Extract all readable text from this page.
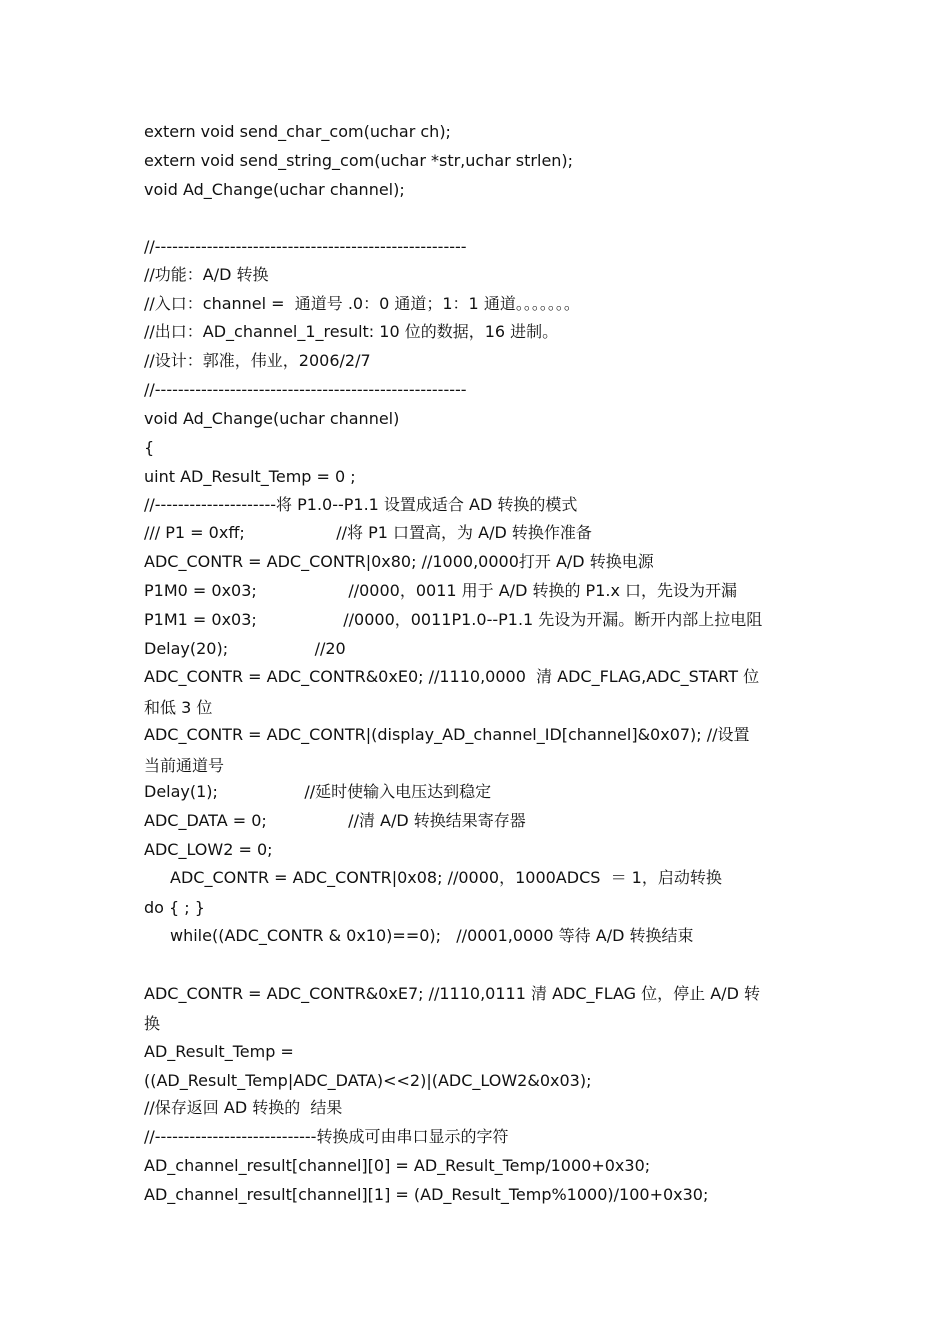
extern void send_char_com(uchar ch);
extern void send_string_com(uchar *str,uchar strlen);
void Ad_Change(uchar channel);
//------------------------------------------------------
//功能：A/D 转换
//入口：channel =  通道号 .0：0 通道；1：1 通道。。。。。。。
//出口：AD_channel_1_result: 10 位的数据，16 进制。
//设计：郭准，伟业，2006/2/7
//------------------------------------------------------
void Ad_Change(uchar channel)
{
uint AD_Result_Temp = 0 ;
//---------------------将 P1.0--P1.1 设置成适合 AD 转换的模式
/// P1 = 0xff;                  //将 P1 口置高，为 A/D 转换作准备
ADC_CONTR = ADC_CONTR|0x80; //1000,0000打开 A/D 转换电源
P1M0 = 0x03;                  //0000，0011 用于 A/D 转换的 P1.x 口，先设为开漏
P1M1 = 0x03;                 //0000，0011P1.0--P1.1 先设为开漏。断开内部上拉电阻
Delay(20);                 //20
ADC_CONTR = ADC_CONTR&0xE0; //1110,0000  清 ADC_FLAG,ADC_START 位
和低 3 位
ADC_CONTR = ADC_CONTR|(display_AD_channel_ID[channel]&0x07); //设置
当前通道号
Delay(1);                 //延时使输入电压达到稳定
ADC_DATA = 0;                //清 A/D 转换结果寄存器
ADC_LOW2 = 0;
ADC_CONTR = ADC_CONTR|0x08; //0000，1000ADCS  ＝ 1，启动转换
do { ; }
while((ADC_CONTR & 0x10)==0);   //0001,0000 等待 A/D 转换结束
ADC_CONTR = ADC_CONTR&0xE7; //1110,0111 清 ADC_FLAG 位，停止 A/D 转
换
AD_Result_Temp =
((AD_Result_Temp|ADC_DATA)<<2)|(ADC_LOW2&0x03);
//保存返回 AD 转换的  结果
//----------------------------转换成可由串口显示的字符
AD_channel_result[channel][0] = AD_Result_Temp/1000+0x30;
AD_channel_result[channel][1] = (AD_Result_Temp%1000)/100+0x30;
